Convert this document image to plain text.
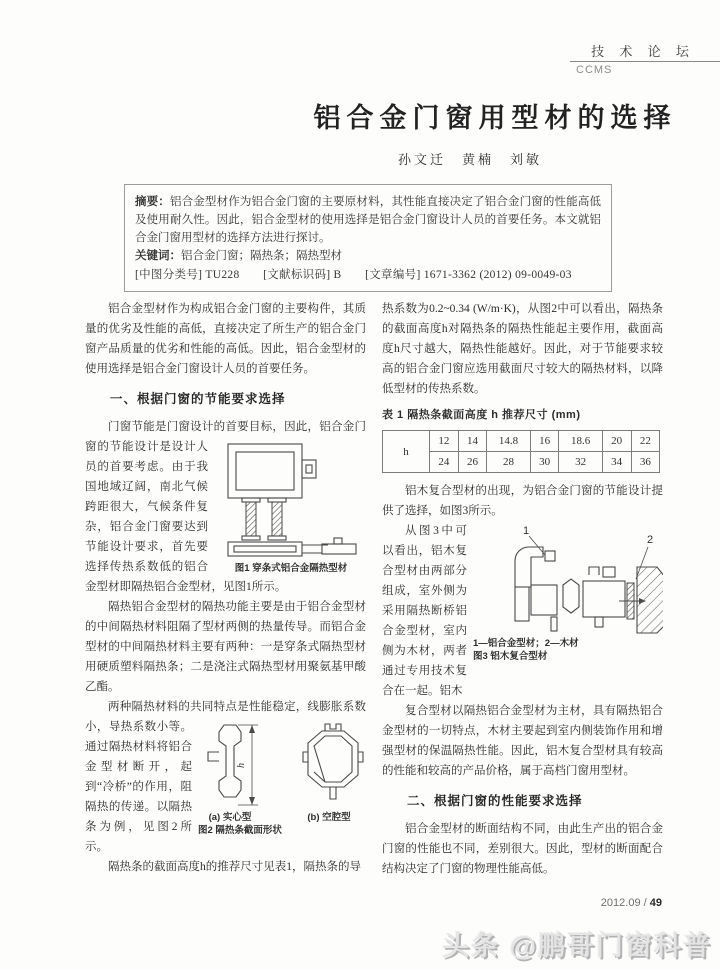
技 术 论 坛
CCMS
铝合金门窗用型材的选择
孙文迁　黄楠　刘敏
摘要：铝合金型材作为铝合金门窗的主要原材料，其性能直接决定了铝合金门窗的性能高低及使用耐久性。因此，铝合金型材的使用选择是铝合金门窗设计人员的首要任务。本文就铝合金门窗用型材的选择方法进行探讨。
关键词：铝合金门窗；隔热条；隔热型材
[中图分类号] TU228　　[文献标识码] B　　[文章编号] 1671-3362 (2012) 09-0049-03
铝合金型材作为构成铝合金门窗的主要构件，其质量的优劣及性能的高低，直接决定了所生产的铝合金门窗产品质量的优劣和性能的高低。因此，铝合金型材的使用选择是铝合金门窗设计人员的首要任务。
一、根据门窗的节能要求选择
门窗节能是门窗设计的首要目标，因此，铝合金门
图1 穿条式铝合金隔热型材
窗的节能设计是设计人员的首要考虑。由于我国地域辽阔，南北气候跨距很大，气候条件复杂，铝合金门窗要达到节能设计要求，首先要选择传热系数低的铝合金型材即隔热铝合金型材，见图1所示。
隔热铝合金型材的隔热功能主要是由于铝合金型材的中间隔热材料阻隔了型材两侧的热量传导。而铝合金型材的中间隔热材料主要有两种：一是穿条式隔热型材用硬质塑料隔热条；二是浇注式隔热型材用聚氨基甲酸乙酯。
两种隔热材料的共同特点是性能稳定，线膨胀系数
h
(a) 实心型	(b) 空腔型
图2 隔热条截面形状
小，导热系数小等。通过隔热材料将铝合金型材断开，起到“冷桥”的作用，阻隔热的传递。以隔热条为例，见图2所示。
隔热条的截面高度h的推荐尺寸见表1，隔热条的导
热系数为0.2~0.34 (W/m·K)，从图2中可以看出，隔热条的截面高度h对隔热条的隔热性能起主要作用，截面高度h尺寸越大，隔热性能越好。因此，对于节能要求较高的铝合金门窗应选用截面尺寸较大的隔热材料，以降低型材的传热系数。
表 1 隔热条截面高度 h 推荐尺寸 (mm)
h	12	14	14.8	16	18.6	20	22
	24	26	28	30	32	34	36
铝木复合型材的出现，为铝合金门窗的节能设计提供了选择，如图3所示。
1
2
1—铝合金型材；2—木材
图3 铝木复合型材
从图3中可以看出，铝木复合型材由两部分组成，室外侧为采用隔热断桥铝合金型材，室内侧为木材，两者通过专用技术复合在一起。铝木
复合型材以隔热铝合金型材为主材，具有隔热铝合金型材的一切特点，木材主要起到室内侧装饰作用和增强型材的保温隔热性能。因此，铝木复合型材具有较高的性能和较高的产品价格，属于高档门窗用型材。
二、根据门窗的性能要求选择
铝合金型材的断面结构不同，由此生产出的铝合金门窗的性能也不同，差别很大。因此，型材的断面配合结构决定了门窗的物理性能高低。
2012.09 / 49
头条 @鹏哥门窗科普
